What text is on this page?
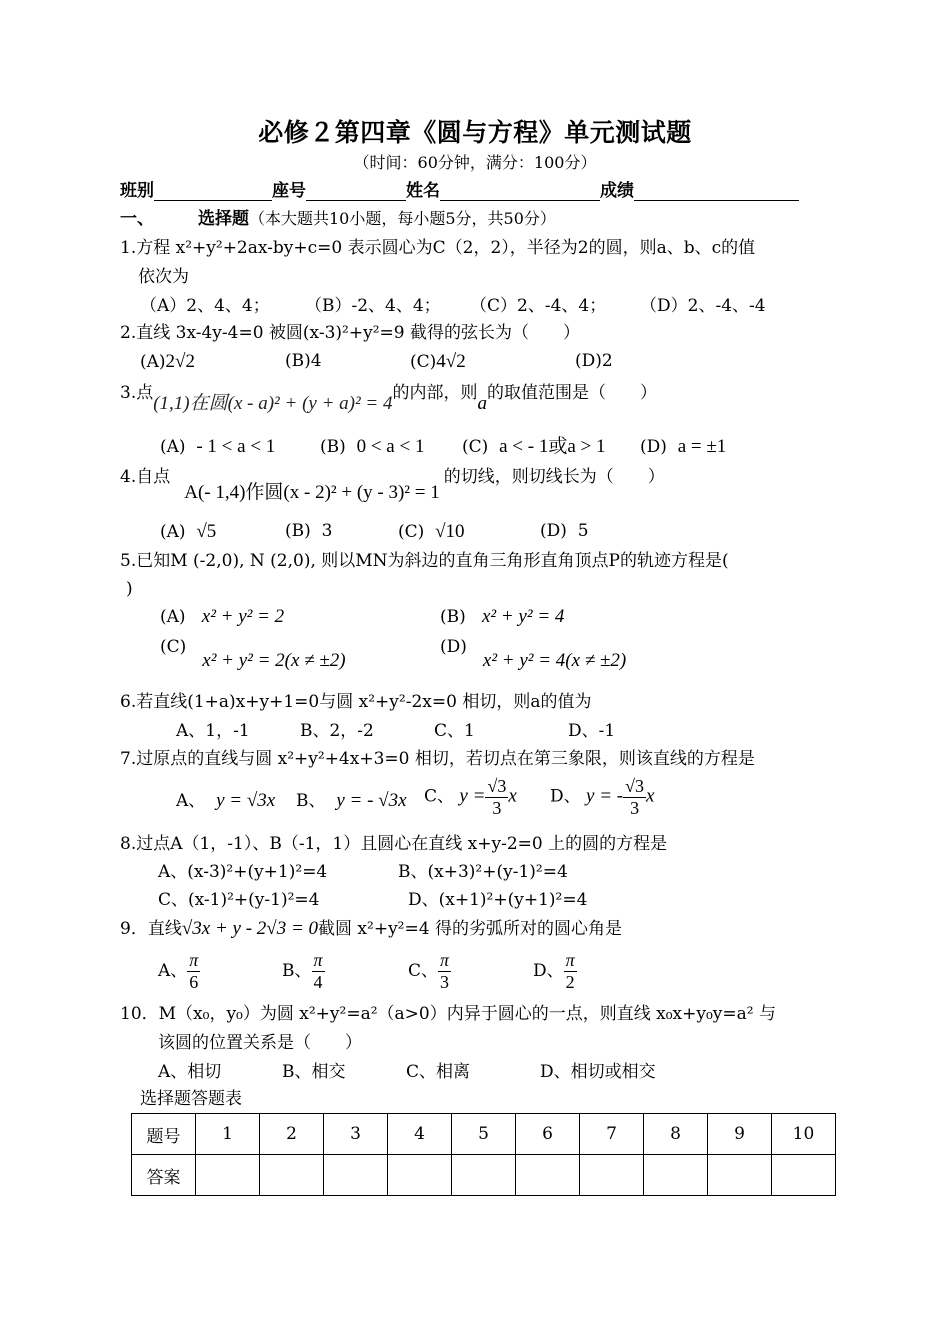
必修２第四章《圆与方程》单元测试题
（时间：60分钟，满分：100分）
班别	座号	姓名	成绩
一、	选择题（本大题共10小题，每小题5分，共50分）
1.方程 x²+y²+2ax-by+c=0 表示圆心为C（2，2），半径为2的圆，则a、b、c的值
依次为
（A）2、4、4； （B）-2、4、4； （C）2、-4、4； （D）2、-4、-4
2.直线 3x-4y-4=0 被圆(x-3)²+y²=9 截得的弦长为（　　）
(A)2√2	(B)4	(C)4√2	(D)2
3.点(1,1)在圆(x - a)² + (y + a)² = 4的内部，则a的取值范围是（　　）
(A) - 1 < a < 1	(B) 0 < a < 1 (C) a < - 1或a > 1 (D) a = ±1
4.自点A(- 1,4)作圆(x - 2)² + (y - 3)² = 1的切线，则切线长为（　　）
(A) √5	(B) 3	(C) √10	(D) 5
5.已知M (-2,0), N (2,0), 则以MN为斜边的直角三角形直角顶点P的轨迹方程是(
)
(A) x² + y² = 2	(B) x² + y² = 4
(C)x² + y² = 2(x ≠ ±2)
(D)x² + y² = 4(x ≠ ±2)
6.若直线(1+a)x+y+1=0与圆 x²+y²-2x=0 相切，则a的值为
A、1，-1	B、2，-2	C、1	D、-1
7.过原点的直线与圆 x²+y²+4x+3=0 相切，若切点在第三象限，则该直线的方程是
A、 y = √3x B、 y = - √3x C、 $y = \frac{√3}{3}$ x D、 y = - $\frac{√3}{3}$ x
8.过点A（1，-1）、B（-1，1）且圆心在直线 x+y-2=0 上的圆的方程是
A、(x-3)²+(y+1)²=4	B、(x+3)²+(y-1)²=4
C、(x-1)²+(y-1)²=4	D、(x+1)²+(y+1)²=4
9．直线√3x + y - 2√3 = 0截圆 x²+y²=4 得的劣弧所对的圆心角是
A、 $\frac{\pi}{6}$	B、 $\frac{\pi}{4}$	C、 $\frac{\pi}{3}$	D、 $\frac{\pi}{2}$
10．M（x₀，y₀）为圆 x²+y²=a²（a>0）内异于圆心的一点，则直线 x₀x+y₀y=a² 与
该圆的位置关系是（　　）
A、相切	B、相交	C、相离	D、相切或相交
选择题答题表
题号	1	2	3	4	5	6	7	8	9	10
答案										
